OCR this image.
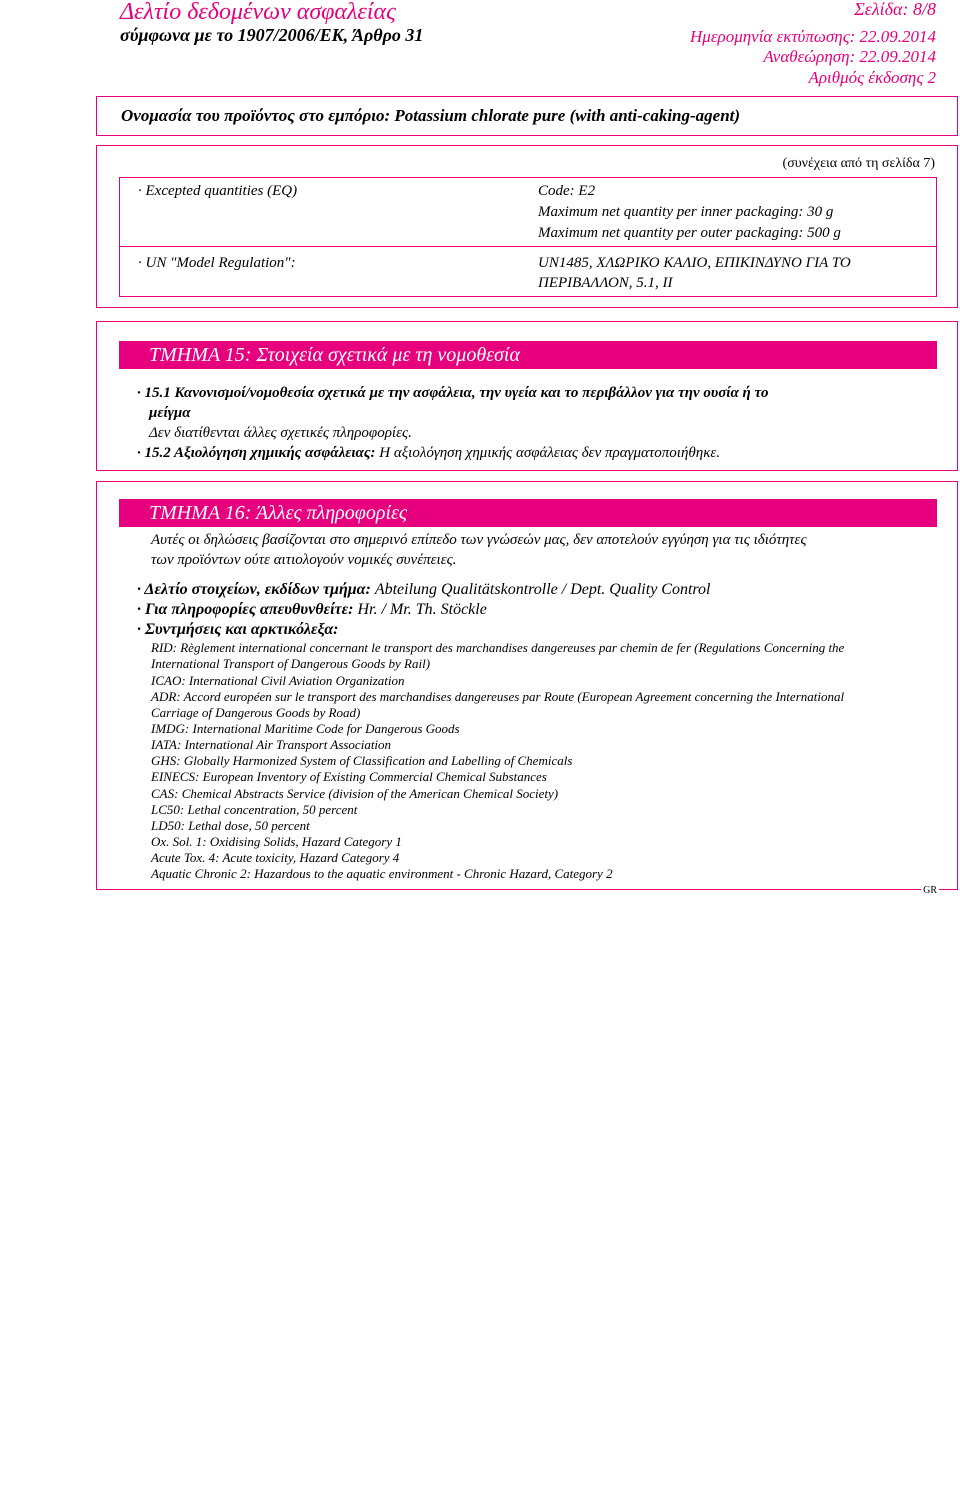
Δελτίο δεδομένων ασφαλείας
σύμφωνα με το 1907/2006/ΕΚ, Άρθρο 31
Σελίδα: 8/8
Ημερομηνία εκτύπωσης: 22.09.2014
Αναθεώρηση: 22.09.2014
Αριθμός έκδοσης 2
Ονομασία του προϊόντος στο εμπόριο: Potassium chlorate pure (with anti-caking-agent)
(συνέχεια από τη σελίδα 7)
· Excepted quantities (EQ)	Code: E2
Maximum net quantity per inner packaging: 30 g
Maximum net quantity per outer packaging: 500 g
· UN "Model Regulation":	UN1485, ΧΛΩΡΙΚΟ ΚΑΛΙΟ, ΕΠΙΚΙΝΔΥΝΟ ΓΙΑ ΤΟ
ΠΕΡΙΒΑΛΛΟΝ, 5.1, II
ΤΜΗΜΑ 15: Στοιχεία σχετικά με τη νομοθεσία
· 15.1 Κανονισμοί/νομοθεσία σχετικά με την ασφάλεια, την υγεία και το περιβάλλον για την ουσία ή το
μείγμα
Δεν διατίθενται άλλες σχετικές πληροφορίες.
· 15.2 Αξιολόγηση χημικής ασφάλειας: Η αξιολόγηση χημικής ασφάλειας δεν πραγματοποιήθηκε.
ΤΜΗΜΑ 16: Άλλες πληροφορίες
Αυτές οι δηλώσεις βασίζονται στο σημερινό επίπεδο των γνώσεών μας, δεν αποτελούν εγγύηση για τις ιδιότητες
των προϊόντων ούτε αιτιολογούν νομικές συνέπειες.
· Δελτίο στοιχείων, εκδίδων τμήμα: Abteilung Qualitätskontrolle / Dept. Quality Control
· Για πληροφορίες απευθυνθείτε: Hr. / Mr. Th. Stöckle
· Συντμήσεις και αρκτικόλεξα:
RID: Règlement international concernant le transport des marchandises dangereuses par chemin de fer (Regulations Concerning the
International Transport of Dangerous Goods by Rail)
ICAO: International Civil Aviation Organization
ADR: Accord européen sur le transport des marchandises dangereuses par Route (European Agreement concerning the International
Carriage of Dangerous Goods by Road)
IMDG: International Maritime Code for Dangerous Goods
IATA: International Air Transport Association
GHS: Globally Harmonized System of Classification and Labelling of Chemicals
EINECS: European Inventory of Existing Commercial Chemical Substances
CAS: Chemical Abstracts Service (division of the American Chemical Society)
LC50: Lethal concentration, 50 percent
LD50: Lethal dose, 50 percent
Ox. Sol. 1: Oxidising Solids, Hazard Category 1
Acute Tox. 4: Acute toxicity, Hazard Category 4
Aquatic Chronic 2: Hazardous to the aquatic environment - Chronic Hazard, Category 2
GR
